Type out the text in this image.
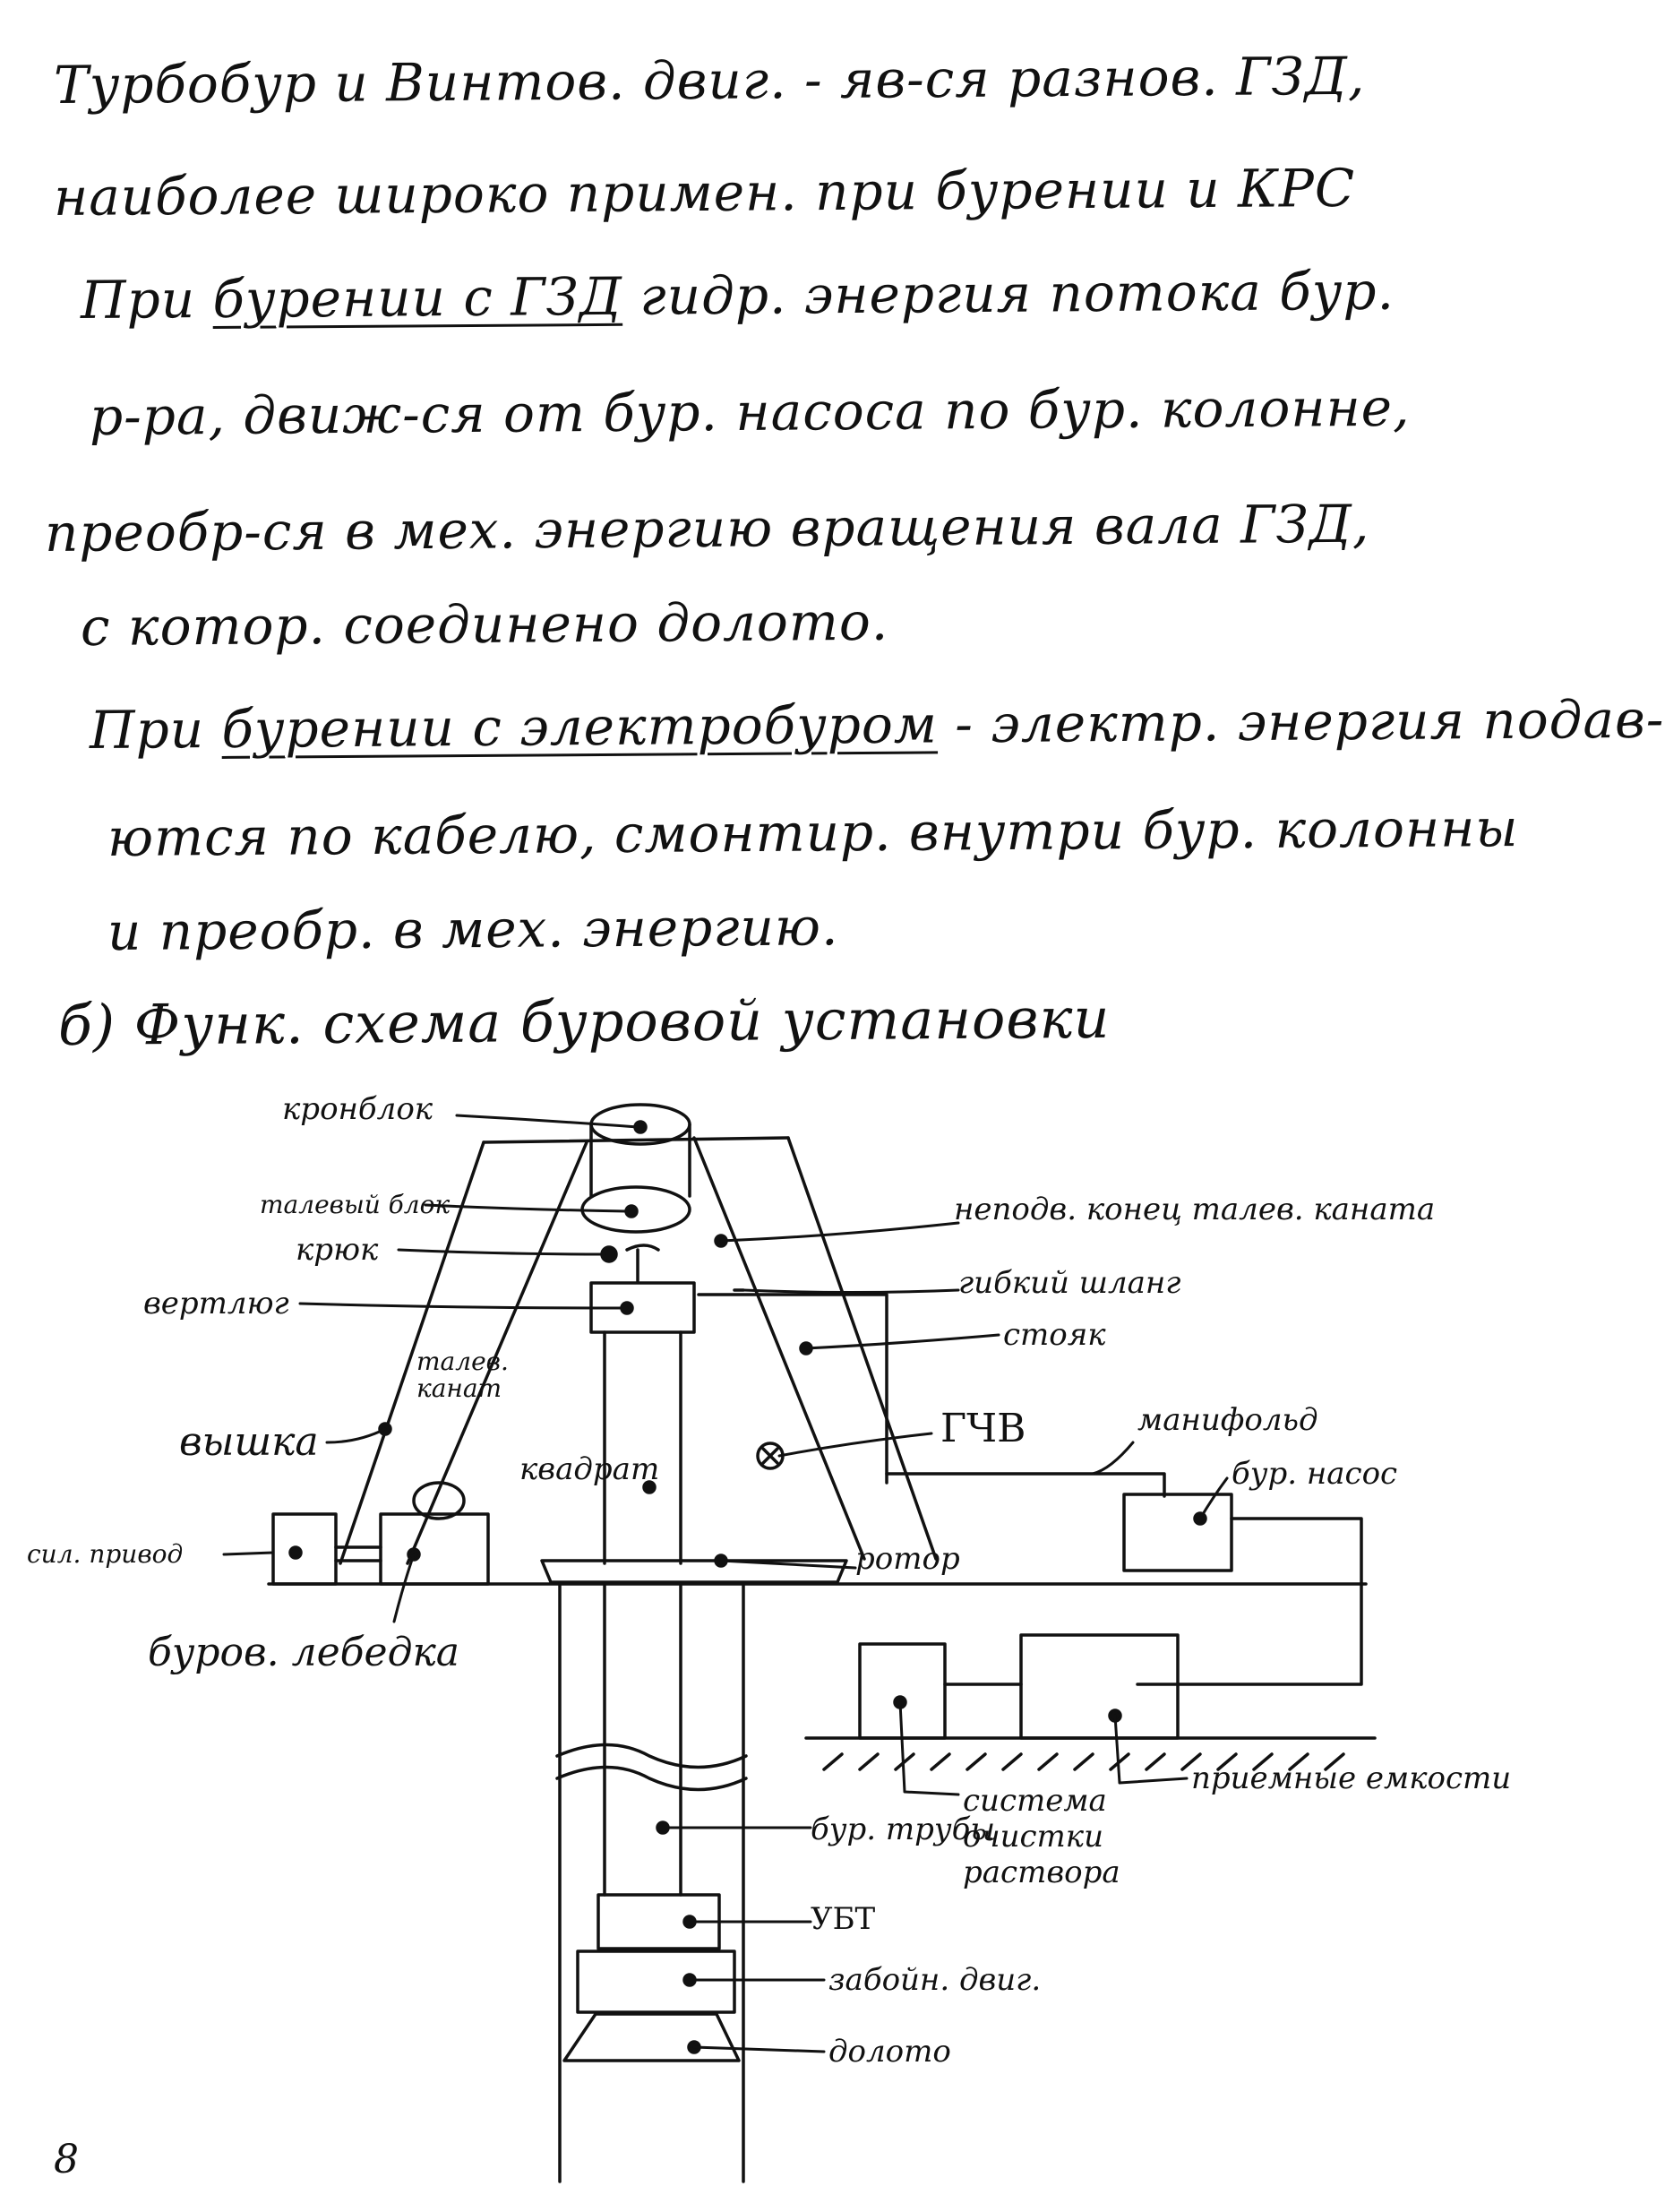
Турбобур и Винтов. двиг. - яв-ся разнов. ГЗД,
наиболее широко примен. при бурении и КРС
При бурении с ГЗД гидр. энергия потока бур.
р-ра, движ-ся от бур. насоса по бур. колонне,
преобр-ся в мех. энергию вращения вала ГЗД,
с котор. соединено долото.
При бурении с электробуром - электр. энергия подав-
ются по кабелю, смонтир. внутри бур. колонны
и преобр. в мех. энергию.
б) Функ. схема буровой установки
кронблок
талевый блок
крюк
вертлюг
талев. канат
вышка
квадрат
сил. привод
буров. лебедка
неподв. конец талев. каната
гибкий шланг
стояк
ГЧВ	манифольд
бур. насос
ротор
система очистки раствора
приемные емкости
бур. трубы
УБТ
забойн. двиг.
долото
8
